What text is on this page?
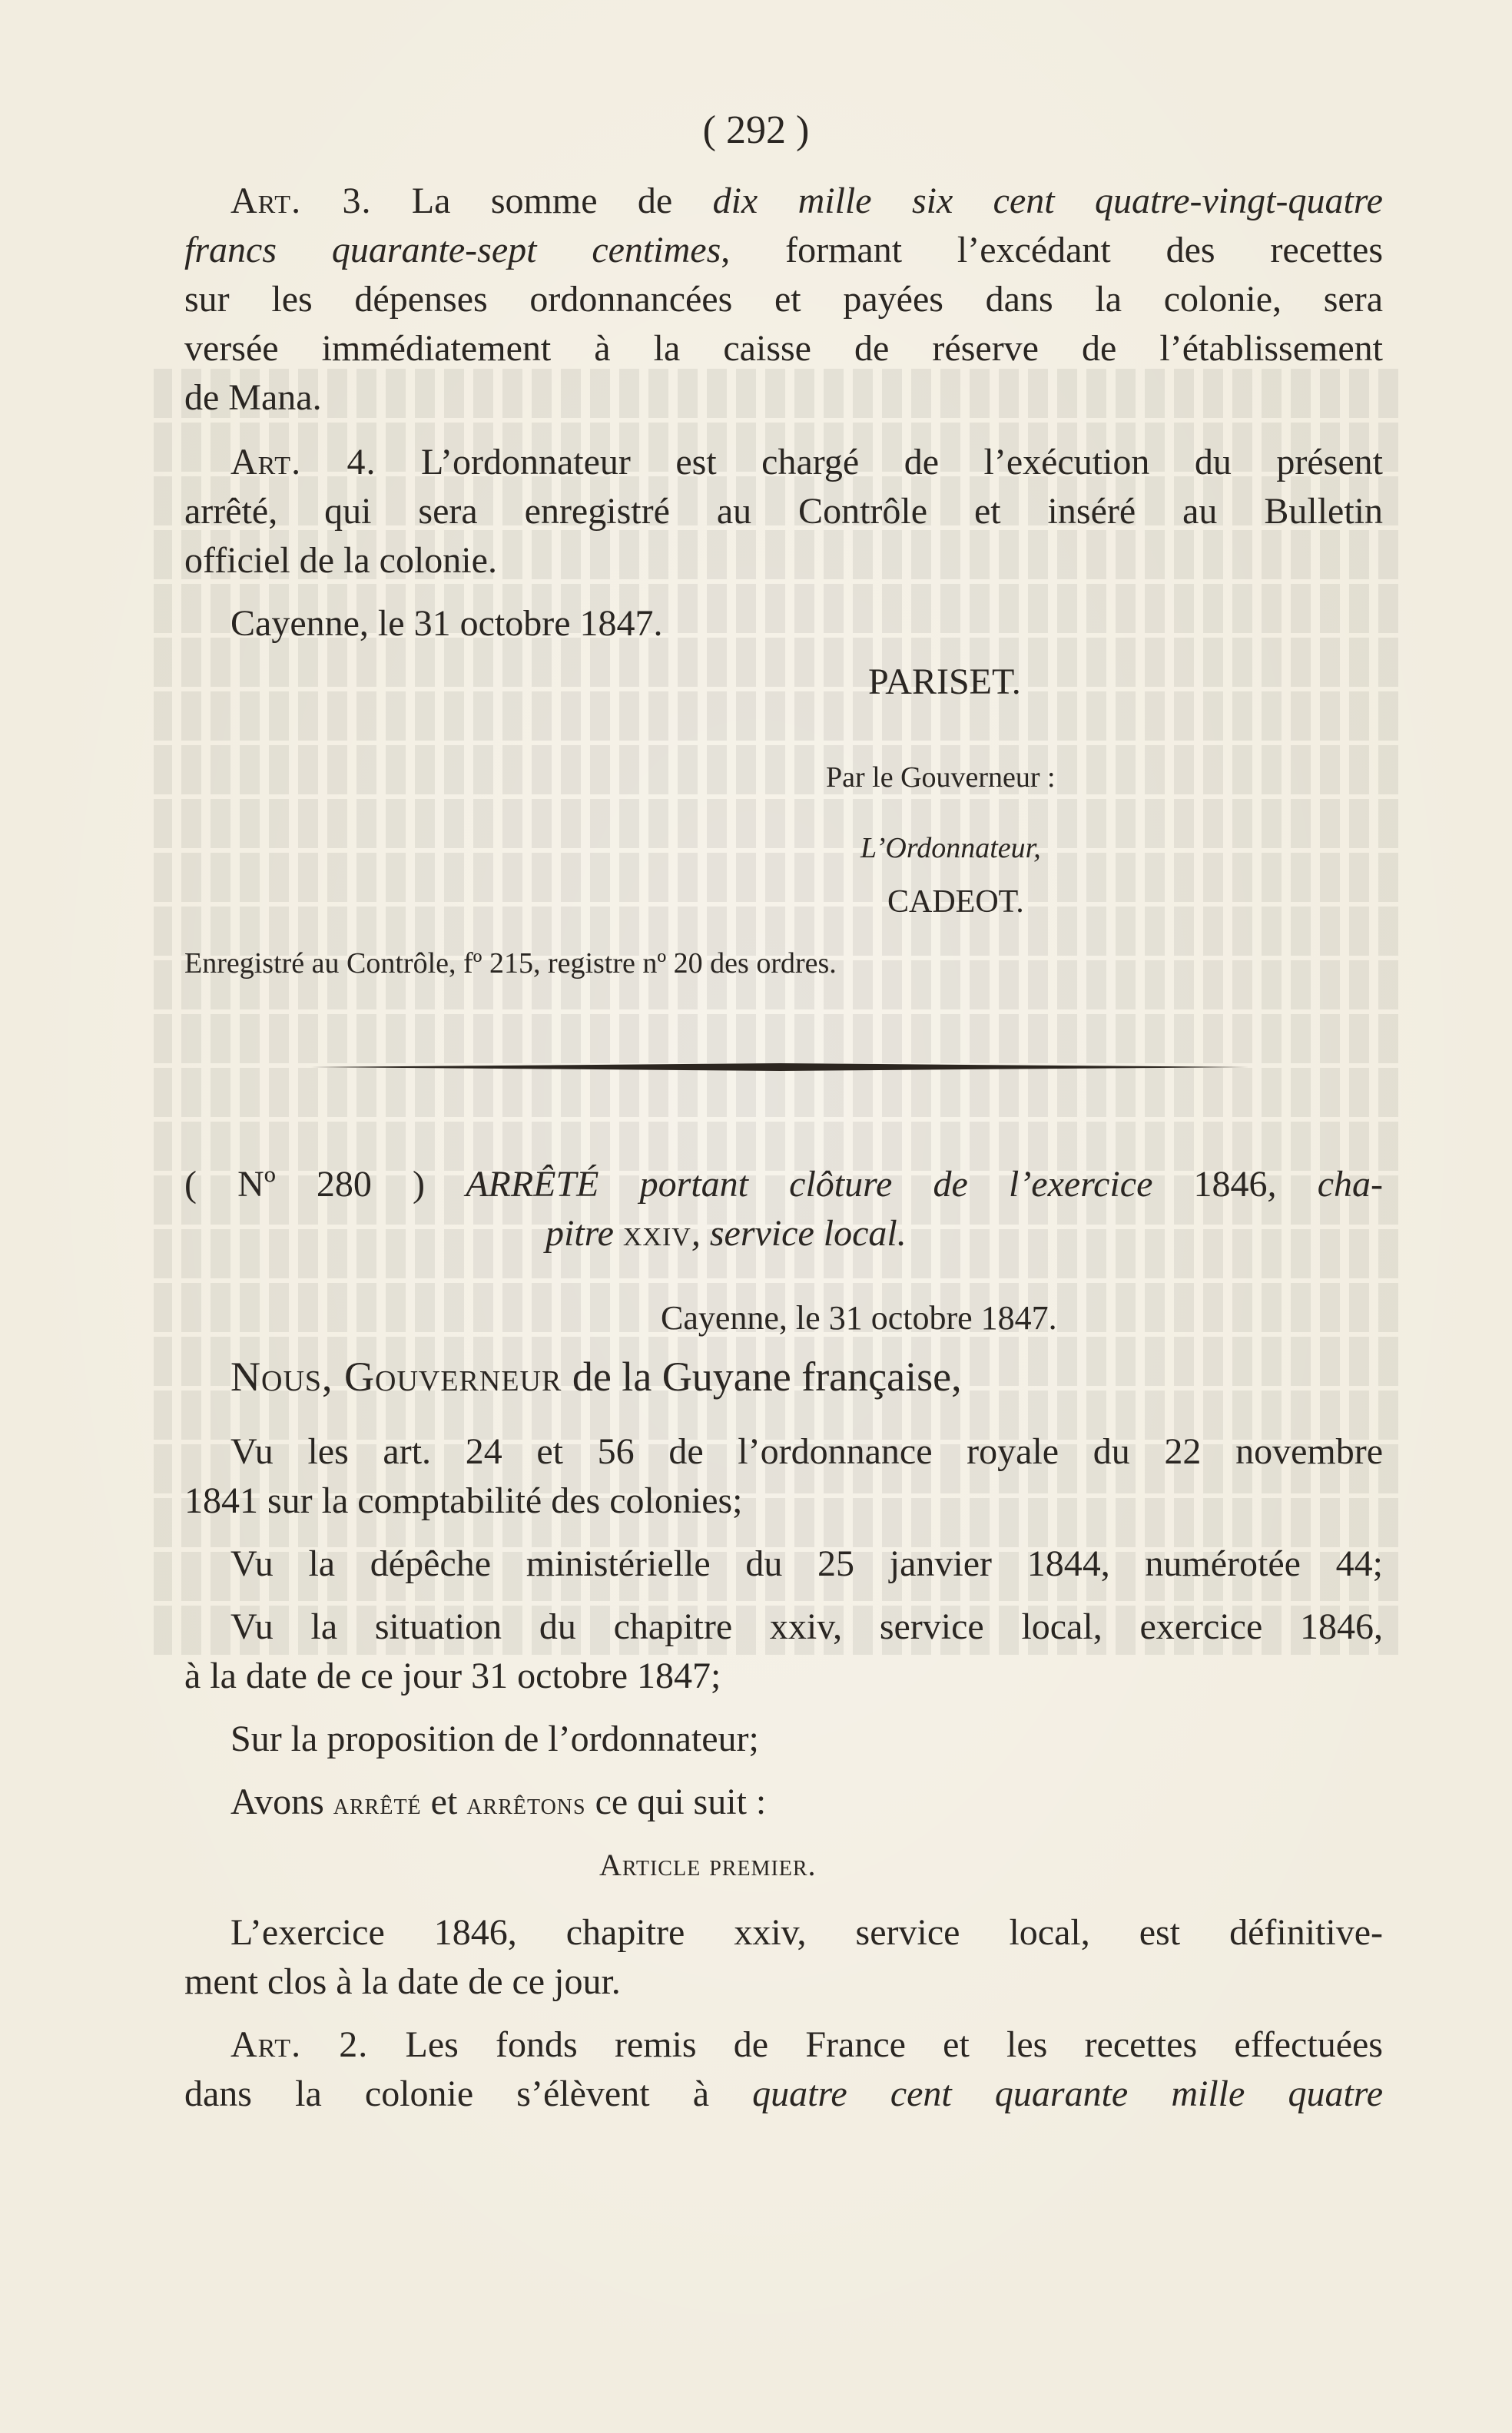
( 292 )
Art. 3. La somme de dix mille six cent quatre-vingt-quatre
francs quarante-sept centimes, formant l’excédant des recettes
sur les dépenses ordonnancées et payées dans la colonie, sera
versée immédiatement à la caisse de réserve de l’établissement
de Mana.
Art. 4. L’ordonnateur est chargé de l’exécution du présent
arrêté, qui sera enregistré au Contrôle et inséré au Bulletin
officiel de la colonie.
Cayenne, le 31 octobre 1847.
PARISET.
Par le Gouverneur :
L’Ordonnateur,
CADEOT.
Enregistré au Contrôle, fº 215, registre nº 20 des ordres.
( Nº 280 ) ARRÊTÉ portant clôture de l’exercice 1846, cha-
pitre xxiv, service local.
Cayenne, le 31 octobre 1847.
Nous, Gouverneur de la Guyane française,
Vu les art. 24 et 56 de l’ordonnance royale du 22 novembre
1841 sur la comptabilité des colonies;
Vu la dépêche ministérielle du 25 janvier 1844, numérotée 44;
Vu la situation du chapitre xxiv, service local, exercice 1846,
à la date de ce jour 31 octobre 1847;
Sur la proposition de l’ordonnateur;
Avons arrêté et arrêtons ce qui suit :
Article premier.
L’exercice 1846, chapitre xxiv, service local, est définitive-
ment clos à la date de ce jour.
Art. 2. Les fonds remis de France et les recettes effectuées
dans la colonie s’élèvent à quatre cent quarante mille quatre
